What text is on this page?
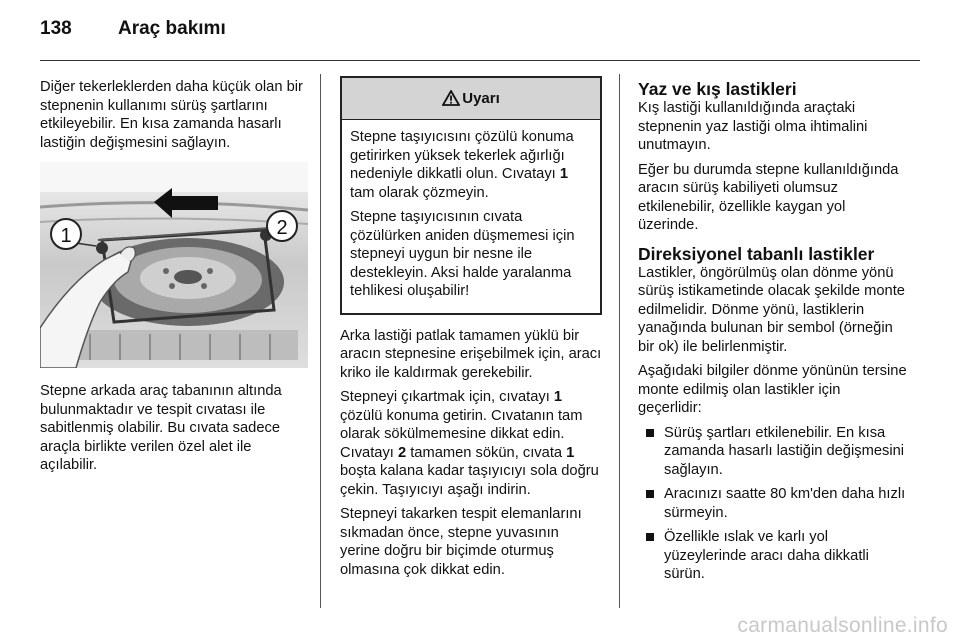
138 Araç bakımı

Diğer tekerleklerden daha küçük olan bir stepnenin kullanımı sürüş şartlarını etkileyebilir. En kısa zamanda hasarlı lastiğin değişmesini sağlayın.

1	2

Stepne arkada araç tabanının altında bulunmaktadır ve tespit cıvatası ile sabitlenmiş olabilir. Bu cıvata sadece araçla birlikte verilen özel alet ile açılabilir.

Uyarı

Stepne taşıyıcısını çözülü konuma getirirken yüksek tekerlek ağırlığı nedeniyle dikkatli olun. Cıvatayı 1 tam olarak çözmeyin.

Stepne taşıyıcısının cıvata çözülürken aniden düşmemesi için stepneyi uygun bir nesne ile destekleyin. Aksi halde yaralanma tehlikesi oluşabilir!

Arka lastiği patlak tamamen yüklü bir aracın stepnesine erişebilmek için, aracı kriko ile kaldırmak gerekebilir.

Stepneyi çıkartmak için, cıvatayı 1 çözülü konuma getirin. Cıvatanın tam olarak sökülmemesine dikkat edin. Cıvatayı 2 tamamen sökün, cıvata 1 boşta kalana kadar taşıyıcıyı sola doğru çekin. Taşıyıcıyı aşağı indirin.

Stepneyi takarken tespit elemanlarını sıkmadan önce, stepne yuvasının yerine doğru bir biçimde oturmuş olmasına çok dikkat edin.

Yaz ve kış lastikleri

Kış lastiği kullanıldığında araçtaki stepnenin yaz lastiği olma ihtimalini unutmayın.

Eğer bu durumda stepne kullanıldığında aracın sürüş kabiliyeti olumsuz etkilenebilir, özellikle kaygan yol üzerinde.

Direksiyonel tabanlı lastikler

Lastikler, öngörülmüş olan dönme yönü sürüş istikametinde olacak şekilde monte edilmelidir. Dönme yönü, lastiklerin yanağında bulunan bir sembol (örneğin bir ok) ile belirlenmiştir.

Aşağıdaki bilgiler dönme yönünün tersine monte edilmiş olan lastikler için geçerlidir:

Sürüş şartları etkilenebilir. En kısa zamanda hasarlı lastiğin değişmesini sağlayın.
Aracınızı saatte 80 km'den daha hızlı sürmeyin.
Özellikle ıslak ve karlı yol yüzeylerinde aracı daha dikkatli sürün.
carmanualsonline.info
